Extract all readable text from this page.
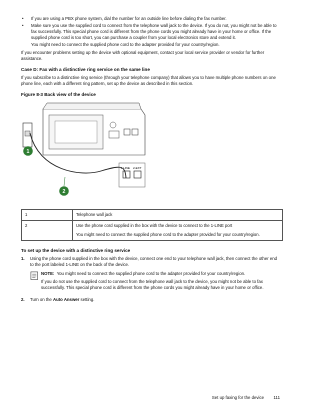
•	If you are using a PBX phone system, dial the number for an outside line before dialing the fax number.

•	Make sure you use the supplied cord to connect from the telephone wall jack to the device. If you do not, you might not be able to fax successfully. This special phone cord is different from the phone cords you might already have in your home or office. If the supplied phone cord is too short, you can purchase a coupler from your local electronics store and extend it.

You might need to connect the supplied phone cord to the adapter provided for your country/region.

If you encounter problems setting up the device with optional equipment, contact your local service provider or vendor for further assistance.

Case D: Fax with a distinctive ring service on the same line

If you subscribe to a distinctive ring service (through your telephone company) that allows you to have multiple phone numbers on one phone line, each with a different ring pattern, set up the device as described in this section.

Figure 8-3 Back view of the device
1-LINE 2-EXT
1
2
1	Telephone wall jack
2	Use the phone cord supplied in the box with the device to connect to the 1-LINE port
You might need to connect the supplied phone cord to the adapter provided for your country/region.
To set up the device with a distinctive ring service
1.	Using the phone cord supplied in the box with the device, connect one end to your telephone wall jack, then connect the other end to the port labeled 1-LINE on the back of the device.

NOTE: You might need to connect the supplied phone cord to the adapter provided for your country/region.

If you do not use the supplied cord to connect from the telephone wall jack to the device, you might not be able to fax successfully. This special phone cord is different from the phone cords you might already have in your home or office.

2.	Turn on the Auto Answer setting.
Set up faxing for the device 111
